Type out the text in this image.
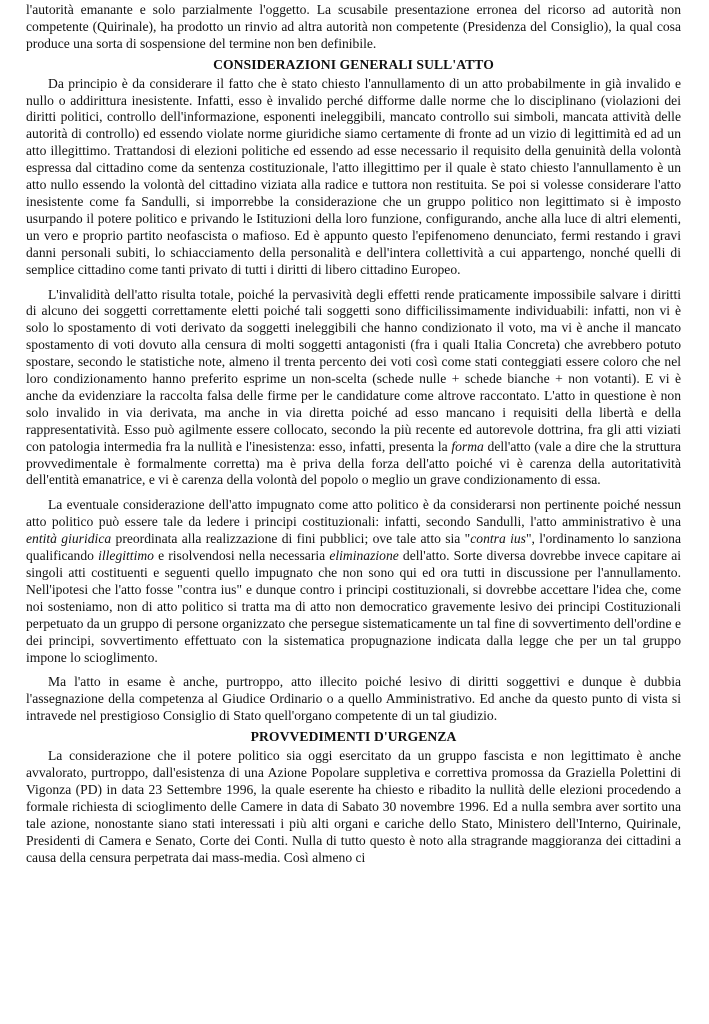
l'autorità emanante e solo parzialmente l'oggetto. La scusabile presentazione erronea del ricorso ad autorità non competente (Quirinale), ha prodotto un rinvio ad altra autorità non competente (Presidenza del Consiglio), la qual cosa produce una sorta di sospensione del termine non ben definibile.

CONSIDERAZIONI GENERALI SULL'ATTO

Da principio è da considerare il fatto che è stato chiesto l'annullamento di un atto probabilmente in già invalido e nullo o addirittura inesistente. Infatti, esso è invalido perché difforme dalle norme che lo disciplinano (violazioni dei diritti politici, controllo dell'informazione, esponenti ineleggibili, mancato controllo sui simboli, mancata attività delle autorità di controllo) ed essendo violate norme giuridiche siamo certamente di fronte ad un vizio di legittimità ed ad un atto illegittimo. Trattandosi di elezioni politiche ed essendo ad esse necessario il requisito della genuinità della volontà espressa dal cittadino come da sentenza costituzionale, l'atto illegittimo per il quale è stato chiesto l'annullamento è un atto nullo essendo la volontà del cittadino viziata alla radice e tuttora non restituita. Se poi si volesse considerare l'atto inesistente come fa Sandulli, si imporrebbe la considerazione che un gruppo politico non legittimato si è imposto usurpando il potere politico e privando le Istituzioni della loro funzione, configurando, anche alla luce di altri elementi, un vero e proprio partito neofascista o mafioso. Ed è appunto questo l'epifenomeno denunciato, fermi restando i gravi danni personali subiti, lo schiacciamento della personalità e dell'intera collettività a cui appartengo, nonché quelli di semplice cittadino come tanti privato di tutti i diritti di libero cittadino Europeo.

L'invalidità dell'atto risulta totale, poiché la pervasività degli effetti rende praticamente impossibile salvare i diritti di alcuno dei soggetti correttamente eletti poiché tali soggetti sono difficilissimamente individuabili: infatti, non vi è solo lo spostamento di voti derivato da soggetti ineleggibili che hanno condizionato il voto, ma vi è anche il mancato spostamento di voti dovuto alla censura di molti soggetti antagonisti (fra i quali Italia Concreta) che avrebbero potuto spostare, secondo le statistiche note, almeno il trenta percento dei voti così come stati conteggiati essere coloro che nel loro condizionamento hanno preferito esprime un non-scelta (schede nulle + schede bianche + non votanti). E vi è anche da evidenziare la raccolta falsa delle firme per le candidature come altrove raccontato. L'atto in questione è non solo invalido in via derivata, ma anche in via diretta poiché ad esso mancano i requisiti della libertà e della rappresentatività. Esso può agilmente essere collocato, secondo la più recente ed autorevole dottrina, fra gli atti viziati con patologia intermedia fra la nullità e l'inesistenza: esso, infatti, presenta la forma dell'atto (vale a dire che la struttura provvedimentale è formalmente corretta) ma è priva della forza dell'atto poiché vi è carenza della autoritatività dell'entità emanatrice, e vi è carenza della volontà del popolo o meglio un grave condizionamento di essa.

La eventuale considerazione dell'atto impugnato come atto politico è da considerarsi non pertinente poiché nessun atto politico può essere tale da ledere i principi costituzionali: infatti, secondo Sandulli, l'atto amministrativo è una entità giuridica preordinata alla realizzazione di fini pubblici; ove tale atto sia "contra ius", l'ordinamento lo sanziona qualificando illegittimo e risolvendosi nella necessaria eliminazione dell'atto. Sorte diversa dovrebbe invece capitare ai singoli atti costituenti e seguenti quello impugnato che non sono qui ed ora tutti in discussione per l'annullamento. Nell'ipotesi che l'atto fosse "contra ius" e dunque contro i principi costituzionali, si dovrebbe accettare l'idea che, come noi sosteniamo, non di atto politico si tratta ma di atto non democratico gravemente lesivo dei principi Costituzionali perpetuato da un gruppo di persone organizzato che persegue sistematicamente un tal fine di sovvertimento dell'ordine e dei principi, sovvertimento effettuato con la sistematica propugnazione indicata dalla legge che per un tal gruppo impone lo scioglimento.

Ma l'atto in esame è anche, purtroppo, atto illecito poiché lesivo di diritti soggettivi e dunque è dubbia l'assegnazione della competenza al Giudice Ordinario o a quello Amministrativo. Ed anche da questo punto di vista si intravede nel prestigioso Consiglio di Stato quell'organo competente di un tal giudizio.

PROVVEDIMENTI D'URGENZA

La considerazione che il potere politico sia oggi esercitato da un gruppo fascista e non legittimato è anche avvalorato, purtroppo, dall'esistenza di una Azione Popolare suppletiva e correttiva promossa da Graziella Polettini di Vigonza (PD) in data 23 Settembre 1996, la quale eserente ha chiesto e ribadito la nullità delle elezioni procedendo a formale richiesta di scioglimento delle Camere in data di Sabato 30 novembre 1996. Ed a nulla sembra aver sortito una tale azione, nonostante siano stati interessati i più alti organi e cariche dello Stato, Ministero dell'Interno, Quirinale, Presidenti di Camera e Senato, Corte dei Conti. Nulla di tutto questo è noto alla stragrande maggioranza dei cittadini a causa della censura perpetrata dai mass-media. Così almeno ci
